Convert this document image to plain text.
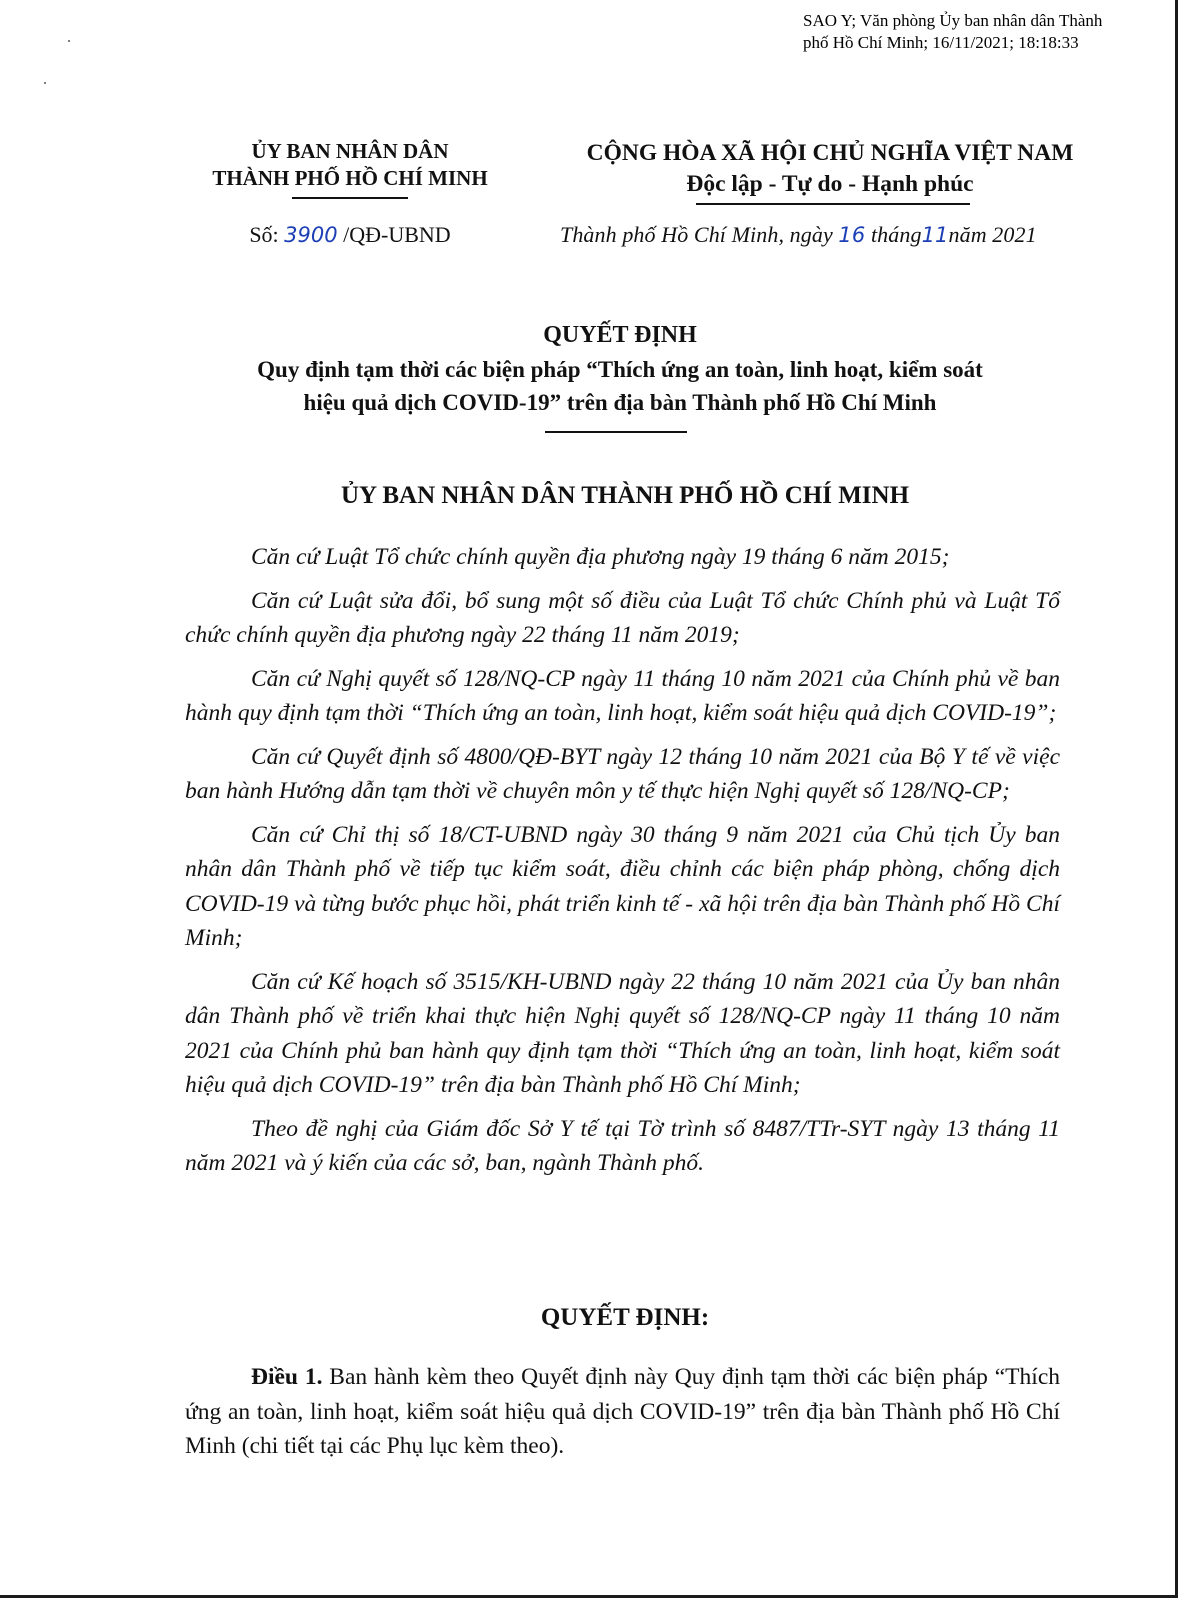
SAO Y; Văn phòng Ủy ban nhân dân Thành
phố Hồ Chí Minh; 16/11/2021; 18:18:33
ỦY BAN NHÂN DÂN
THÀNH PHỐ HỒ CHÍ MINH
CỘNG HÒA XÃ HỘI CHỦ NGHĨA VIỆT NAM
Độc lập - Tự do - Hạnh phúc
Số: 3900 /QĐ-UBND	Thành phố Hồ Chí Minh, ngày 16 tháng11năm 2021
QUYẾT ĐỊNH
Quy định tạm thời các biện pháp “Thích ứng an toàn, linh hoạt, kiểm soát
hiệu quả dịch COVID-19” trên địa bàn Thành phố Hồ Chí Minh
ỦY BAN NHÂN DÂN THÀNH PHỐ HỒ CHÍ MINH

Căn cứ Luật Tổ chức chính quyền địa phương ngày 19 tháng 6 năm 2015;

Căn cứ Luật sửa đổi, bổ sung một số điều của Luật Tổ chức Chính phủ và Luật Tổ chức chính quyền địa phương ngày 22 tháng 11 năm 2019;

Căn cứ Nghị quyết số 128/NQ-CP ngày 11 tháng 10 năm 2021 của Chính phủ về ban hành quy định tạm thời “Thích ứng an toàn, linh hoạt, kiểm soát hiệu quả dịch COVID-19”;

Căn cứ Quyết định số 4800/QĐ-BYT ngày 12 tháng 10 năm 2021 của Bộ Y tế về việc ban hành Hướng dẫn tạm thời về chuyên môn y tế thực hiện Nghị quyết số 128/NQ-CP;

Căn cứ Chỉ thị số 18/CT-UBND ngày 30 tháng 9 năm 2021 của Chủ tịch Ủy ban nhân dân Thành phố về tiếp tục kiểm soát, điều chỉnh các biện pháp phòng, chống dịch COVID-19 và từng bước phục hồi, phát triển kinh tế - xã hội trên địa bàn Thành phố Hồ Chí Minh;

Căn cứ Kế hoạch số 3515/KH-UBND ngày 22 tháng 10 năm 2021 của Ủy ban nhân dân Thành phố về triển khai thực hiện Nghị quyết số 128/NQ-CP ngày 11 tháng 10 năm 2021 của Chính phủ ban hành quy định tạm thời “Thích ứng an toàn, linh hoạt, kiểm soát hiệu quả dịch COVID-19” trên địa bàn Thành phố Hồ Chí Minh;

Theo đề nghị của Giám đốc Sở Y tế tại Tờ trình số 8487/TTr-SYT ngày 13 tháng 11 năm 2021 và ý kiến của các sở, ban, ngành Thành phố.

QUYẾT ĐỊNH:

Điều 1. Ban hành kèm theo Quyết định này Quy định tạm thời các biện pháp “Thích ứng an toàn, linh hoạt, kiểm soát hiệu quả dịch COVID-19” trên địa bàn Thành phố Hồ Chí Minh (chi tiết tại các Phụ lục kèm theo).
